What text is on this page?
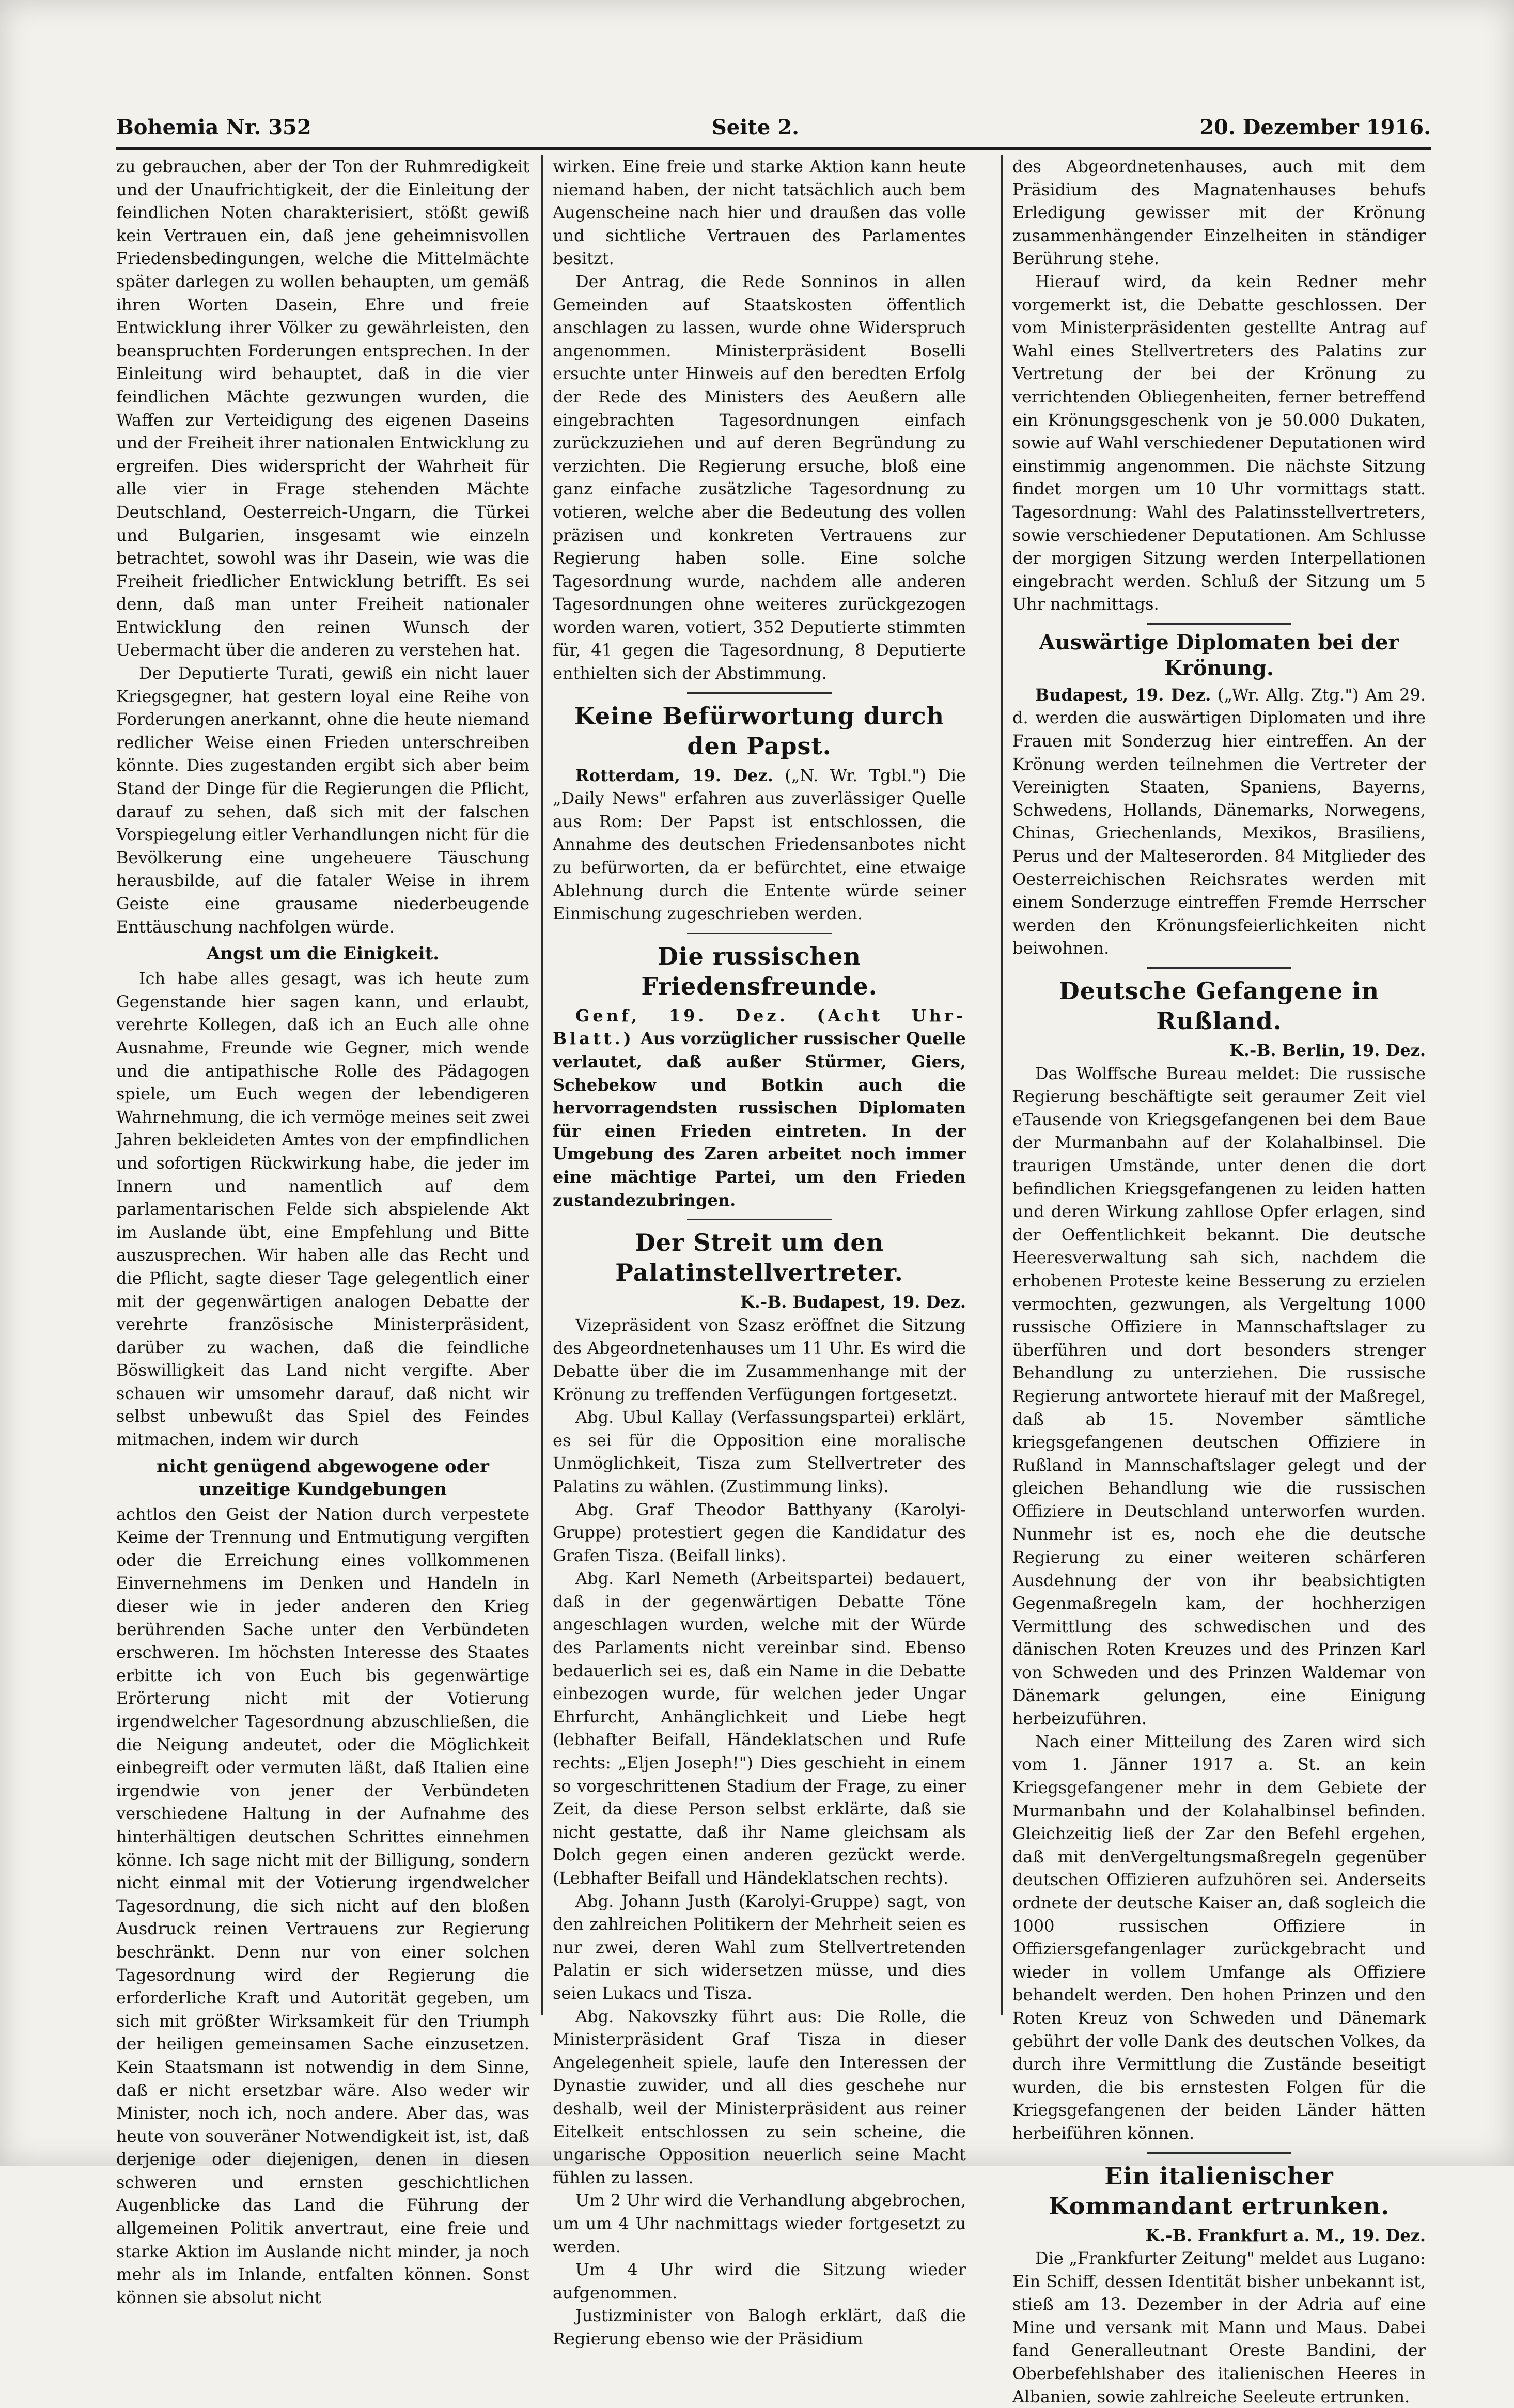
Bohemia Nr. 352	Seite 2.	20. Dezember 1916.

zu gebrauchen, aber der Ton der Ruhmredigkeit und der Unaufrichtigkeit, der die Einleitung der feindlichen Noten charakterisiert, stößt gewiß kein Vertrauen ein, daß jene geheimnisvollen Friedensbedingungen, welche die Mittelmächte später darlegen zu wollen behaupten, um gemäß ihren Worten Dasein, Ehre und freie Entwicklung ihrer Völker zu gewährleisten, den beanspruchten Forderungen entsprechen. In der Einleitung wird behauptet, daß in die vier feindlichen Mächte gezwungen wurden, die Waffen zur Verteidigung des eigenen Daseins und der Freiheit ihrer nationalen Entwicklung zu ergreifen. Dies widerspricht der Wahrheit für alle vier in Frage stehenden Mächte Deutschland, Oesterreich-Ungarn, die Türkei und Bulgarien, insgesamt wie einzeln betrachtet, sowohl was ihr Dasein, wie was die Freiheit friedlicher Entwicklung betrifft. Es sei denn, daß man unter Freiheit nationaler Entwicklung den reinen Wunsch der Uebermacht über die anderen zu verstehen hat.

Der Deputierte Turati, gewiß ein nicht lauer Kriegsgegner, hat gestern loyal eine Reihe von Forderungen anerkannt, ohne die heute niemand redlicher Weise einen Frieden unterschreiben könnte. Dies zugestanden ergibt sich aber beim Stand der Dinge für die Regierungen die Pflicht, darauf zu sehen, daß sich mit der falschen Vorspiegelung eitler Verhandlungen nicht für die Bevölkerung eine ungeheuere Täuschung herausbilde, auf die fataler Weise in ihrem Geiste eine grausame niederbeugende Enttäuschung nachfolgen würde.

Angst um die Einigkeit.

Ich habe alles gesagt, was ich heute zum Gegenstande hier sagen kann, und erlaubt, verehrte Kollegen, daß ich an Euch alle ohne Ausnahme, Freunde wie Gegner, mich wende und die antipathische Rolle des Pädagogen spiele, um Euch wegen der lebendigeren Wahrnehmung, die ich vermöge meines seit zwei Jahren bekleideten Amtes von der empfindlichen und sofortigen Rückwirkung habe, die jeder im Innern und namentlich auf dem parlamentarischen Felde sich abspielende Akt im Auslande übt, eine Empfehlung und Bitte auszusprechen. Wir haben alle das Recht und die Pflicht, sagte dieser Tage gelegentlich einer mit der gegenwärtigen analogen Debatte der verehrte französische Ministerpräsident, darüber zu wachen, daß die feindliche Böswilligkeit das Land nicht vergifte. Aber schauen wir umsomehr darauf, daß nicht wir selbst unbewußt das Spiel des Feindes mitmachen, indem wir durch

nicht genügend abgewogene oder unzeitige Kundgebungen

achtlos den Geist der Nation durch verpestete Keime der Trennung und Entmutigung vergiften oder die Erreichung eines vollkommenen Einvernehmens im Denken und Handeln in dieser wie in jeder anderen den Krieg berührenden Sache unter den Verbündeten erschweren. Im höchsten Interesse des Staates erbitte ich von Euch bis gegenwärtige Erörterung nicht mit der Votierung irgendwelcher Tagesordnung abzuschließen, die die Neigung andeutet, oder die Möglichkeit einbegreift oder vermuten läßt, daß Italien eine irgendwie von jener der Verbündeten verschiedene Haltung in der Aufnahme des hinterhältigen deutschen Schrittes einnehmen könne. Ich sage nicht mit der Billigung, sondern nicht einmal mit der Votierung irgendwelcher Tagesordnung, die sich nicht auf den bloßen Ausdruck reinen Vertrauens zur Regierung beschränkt. Denn nur von einer solchen Tagesordnung wird der Regierung die erforderliche Kraft und Autorität gegeben, um sich mit größter Wirksamkeit für den Triumph der heiligen gemeinsamen Sache einzusetzen. Kein Staatsmann ist notwendig in dem Sinne, daß er nicht ersetzbar wäre. Also weder wir Minister, noch ich, noch andere. Aber das, was heute von souveräner Notwendigkeit ist, ist, daß derjenige oder diejenigen, denen in diesen schweren und ernsten geschichtlichen Augenblicke das Land die Führung der allgemeinen Politik anvertraut, eine freie und starke Aktion im Auslande nicht minder, ja noch mehr als im Inlande, entfalten können. Sonst können sie absolut nicht

wirken. Eine freie und starke Aktion kann heute niemand haben, der nicht tatsächlich auch bem Augenscheine nach hier und draußen das volle und sichtliche Vertrauen des Parlamentes besitzt.

Der Antrag, die Rede Sonninos in allen Gemeinden auf Staatskosten öffentlich anschlagen zu lassen, wurde ohne Widerspruch angenommen. Ministerpräsident Boselli ersuchte unter Hinweis auf den beredten Erfolg der Rede des Ministers des Aeußern alle eingebrachten Tagesordnungen einfach zurückzuziehen und auf deren Begründung zu verzichten. Die Regierung ersuche, bloß eine ganz einfache zusätzliche Tagesordnung zu votieren, welche aber die Bedeutung des vollen präzisen und konkreten Vertrauens zur Regierung haben solle. Eine solche Tagesordnung wurde, nachdem alle anderen Tagesordnungen ohne weiteres zurückgezogen worden waren, votiert, 352 Deputierte stimmten für, 41 gegen die Tagesordnung, 8 Deputierte enthielten sich der Abstimmung.

Keine Befürwortung durch den Papst.

Rotterdam, 19. Dez. („N. Wr. Tgbl.") Die „Daily News" erfahren aus zuverlässiger Quelle aus Rom: Der Papst ist entschlossen, die Annahme des deutschen Friedensanbotes nicht zu befürworten, da er befürchtet, eine etwaige Ablehnung durch die Entente würde seiner Einmischung zugeschrieben werden.

Die russischen Friedensfreunde.

Genf, 19. Dez. (Acht Uhr-Blatt.) Aus vorzüglicher russischer Quelle verlautet, daß außer Stürmer, Giers, Schebekow und Botkin auch die hervorragendsten russischen Diplomaten für einen Frieden eintreten. In der Umgebung des Zaren arbeitet noch immer eine mächtige Partei, um den Frieden zustandezubringen.

Der Streit um den Palatinstellvertreter.

K.-B. Budapest, 19. Dez.

Vizepräsident von Szasz eröffnet die Sitzung des Abgeordnetenhauses um 11 Uhr. Es wird die Debatte über die im Zusammenhange mit der Krönung zu treffenden Verfügungen fortgesetzt.

Abg. Ubul Kallay (Verfassungspartei) erklärt, es sei für die Opposition eine moralische Unmöglichkeit, Tisza zum Stellvertreter des Palatins zu wählen. (Zustimmung links).

Abg. Graf Theodor Batthyany (Karolyi-Gruppe) protestiert gegen die Kandidatur des Grafen Tisza. (Beifall links).

Abg. Karl Nemeth (Arbeitspartei) bedauert, daß in der gegenwärtigen Debatte Töne angeschlagen wurden, welche mit der Würde des Parlaments nicht vereinbar sind. Ebenso bedauerlich sei es, daß ein Name in die Debatte einbezogen wurde, für welchen jeder Ungar Ehrfurcht, Anhänglichkeit und Liebe hegt (lebhafter Beifall, Händeklatschen und Rufe rechts: „Eljen Joseph!") Dies geschieht in einem so vorgeschrittenen Stadium der Frage, zu einer Zeit, da diese Person selbst erklärte, daß sie nicht gestatte, daß ihr Name gleichsam als Dolch gegen einen anderen gezückt werde. (Lebhafter Beifall und Händeklatschen rechts).

Abg. Johann Justh (Karolyi-Gruppe) sagt, von den zahlreichen Politikern der Mehrheit seien es nur zwei, deren Wahl zum Stellvertretenden Palatin er sich widersetzen müsse, und dies seien Lukacs und Tisza.

Abg. Nakovszky führt aus: Die Rolle, die Ministerpräsident Graf Tisza in dieser Angelegenheit spiele, laufe den Interessen der Dynastie zuwider, und all dies geschehe nur deshalb, weil der Ministerpräsident aus reiner Eitelkeit entschlossen zu sein scheine, die ungarische Opposition neuerlich seine Macht fühlen zu lassen.

Um 2 Uhr wird die Verhandlung abgebrochen, um um 4 Uhr nachmittags wieder fortgesetzt zu werden.

Um 4 Uhr wird die Sitzung wieder aufgenommen.

Justizminister von Balogh erklärt, daß die Regierung ebenso wie der Präsidium

des Abgeordnetenhauses, auch mit dem Präsidium des Magnatenhauses behufs Erledigung gewisser mit der Krönung zusammenhängender Einzelheiten in ständiger Berührung stehe.

Hierauf wird, da kein Redner mehr vorgemerkt ist, die Debatte geschlossen. Der vom Ministerpräsidenten gestellte Antrag auf Wahl eines Stellvertreters des Palatins zur Vertretung der bei der Krönung zu verrichtenden Obliegenheiten, ferner betreffend ein Krönungsgeschenk von je 50.000 Dukaten, sowie auf Wahl verschiedener Deputationen wird einstimmig angenommen. Die nächste Sitzung findet morgen um 10 Uhr vormittags statt. Tagesordnung: Wahl des Palatinsstellvertreters, sowie verschiedener Deputationen. Am Schlusse der morgigen Sitzung werden Interpellationen eingebracht werden. Schluß der Sitzung um 5 Uhr nachmittags.

Auswärtige Diplomaten bei der Krönung.

Budapest, 19. Dez. („Wr. Allg. Ztg.") Am 29. d. werden die auswärtigen Diplomaten und ihre Frauen mit Sonderzug hier eintreffen. An der Krönung werden teilnehmen die Vertreter der Vereinigten Staaten, Spaniens, Bayerns, Schwedens, Hollands, Dänemarks, Norwegens, Chinas, Griechenlands, Mexikos, Brasiliens, Perus und der Malteserorden. 84 Mitglieder des Oesterreichischen Reichsrates werden mit einem Sonderzuge eintreffen Fremde Herrscher werden den Krönungsfeierlichkeiten nicht beiwohnen.

Deutsche Gefangene in Rußland.

K.-B. Berlin, 19. Dez.

Das Wolffsche Bureau meldet: Die russische Regierung beschäftigte seit geraumer Zeit viel eTausende von Kriegsgefangenen bei dem Baue der Murmanbahn auf der Kolahalbinsel. Die traurigen Umstände, unter denen die dort befindlichen Kriegsgefangenen zu leiden hatten und deren Wirkung zahllose Opfer erlagen, sind der Oeffentlichkeit bekannt. Die deutsche Heeresverwaltung sah sich, nachdem die erhobenen Proteste keine Besserung zu erzielen vermochten, gezwungen, als Vergeltung 1000 russische Offiziere in Mannschaftslager zu überführen und dort besonders strenger Behandlung zu unterziehen. Die russische Regierung antwortete hierauf mit der Maßregel, daß ab 15. November sämtliche kriegsgefangenen deutschen Offiziere in Rußland in Mannschaftslager gelegt und der gleichen Behandlung wie die russischen Offiziere in Deutschland unterworfen wurden. Nunmehr ist es, noch ehe die deutsche Regierung zu einer weiteren schärferen Ausdehnung der von ihr beabsichtigten Gegenmaßregeln kam, der hochherzigen Vermittlung des schwedischen und des dänischen Roten Kreuzes und des Prinzen Karl von Schweden und des Prinzen Waldemar von Dänemark gelungen, eine Einigung herbeizuführen.

Nach einer Mitteilung des Zaren wird sich vom 1. Jänner 1917 a. St. an kein Kriegsgefangener mehr in dem Gebiete der Murmanbahn und der Kolahalbinsel befinden. Gleichzeitig ließ der Zar den Befehl ergehen, daß mit denVergeltungsmaßregeln gegenüber deutschen Offizieren aufzuhören sei. Anderseits ordnete der deutsche Kaiser an, daß sogleich die 1000 russischen Offiziere in Offiziersgefangenlager zurückgebracht und wieder in vollem Umfange als Offiziere behandelt werden. Den hohen Prinzen und den Roten Kreuz von Schweden und Dänemark gebührt der volle Dank des deutschen Volkes, da durch ihre Vermittlung die Zustände beseitigt wurden, die bis ernstesten Folgen für die Kriegsgefangenen der beiden Länder hätten herbeiführen können.

Ein italienischer Kommandant ertrunken.

K.-B. Frankfurt a. M., 19. Dez.

Die „Frankfurter Zeitung" meldet aus Lugano: Ein Schiff, dessen Identität bisher unbekannt ist, stieß am 13. Dezember in der Adria auf eine Mine und versank mit Mann und Maus. Dabei fand Generalleutnant Oreste Bandini, der Oberbefehlshaber des italienischen Heeres in Albanien, sowie zahlreiche Seeleute ertrunken.
